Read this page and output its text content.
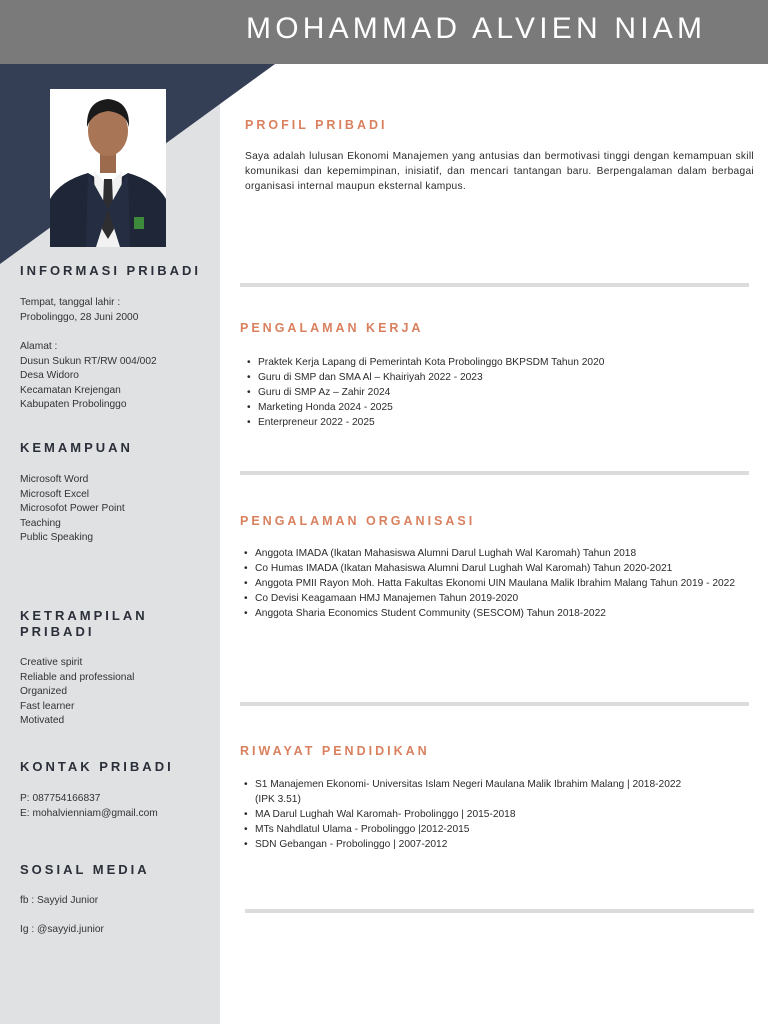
MOHAMMAD ALVIEN NIAM
INFORMASI PRIBADI
Tempat, tanggal lahir :
Probolinggo, 28 Juni 2000
Alamat :
Dusun Sukun RT/RW 004/002
Desa Widoro
Kecamatan Krejengan
Kabupaten Probolinggo
KEMAMPUAN
Microsoft Word
Microsoft Excel
Microsofot Power Point
Teaching
Public Speaking
KETRAMPILAN
PRIBADI
Creative spirit
Reliable and professional
Organized
Fast learner
Motivated
KONTAK PRIBADI
P: 087754166837
E: mohalvienniam@gmail.com
SOSIAL MEDIA
fb : Sayyid Junior
Ig : @sayyid.junior
PROFIL PRIBADI
Saya adalah lulusan Ekonomi Manajemen yang antusias dan bermotivasi tinggi dengan kemampuan skill komunikasi dan kepemimpinan, inisiatif, dan mencari tantangan baru. Berpengalaman dalam berbagai organisasi internal maupun eksternal kampus.
PENGALAMAN KERJA
• Praktek Kerja Lapang di Pemerintah Kota Probolinggo BKPSDM Tahun 2020
• Guru di SMP dan SMA Al – Khairiyah 2022 - 2023
• Guru di SMP Az – Zahir 2024
• Marketing Honda 2024 - 2025
• Enterpreneur 2022 - 2025
PENGALAMAN ORGANISASI
• Anggota IMADA (Ikatan Mahasiswa Alumni Darul Lughah Wal Karomah) Tahun 2018
• Co Humas IMADA (Ikatan Mahasiswa Alumni Darul Lughah Wal Karomah) Tahun 2020-2021
• Anggota PMII Rayon Moh. Hatta Fakultas Ekonomi UIN Maulana Malik Ibrahim Malang Tahun 2019 - 2022
• Co Devisi Keagamaan HMJ Manajemen Tahun 2019-2020
• Anggota Sharia Economics Student Community (SESCOM) Tahun 2018-2022
RIWAYAT PENDIDIKAN
• S1 Manajemen Ekonomi- Universitas Islam Negeri Maulana Malik Ibrahim Malang | 2018-2022
(IPK 3.51)
• MA Darul Lughah Wal Karomah- Probolinggo | 2015-2018
• MTs Nahdlatul Ulama - Probolinggo |2012-2015
• SDN Gebangan - Probolinggo | 2007-2012
